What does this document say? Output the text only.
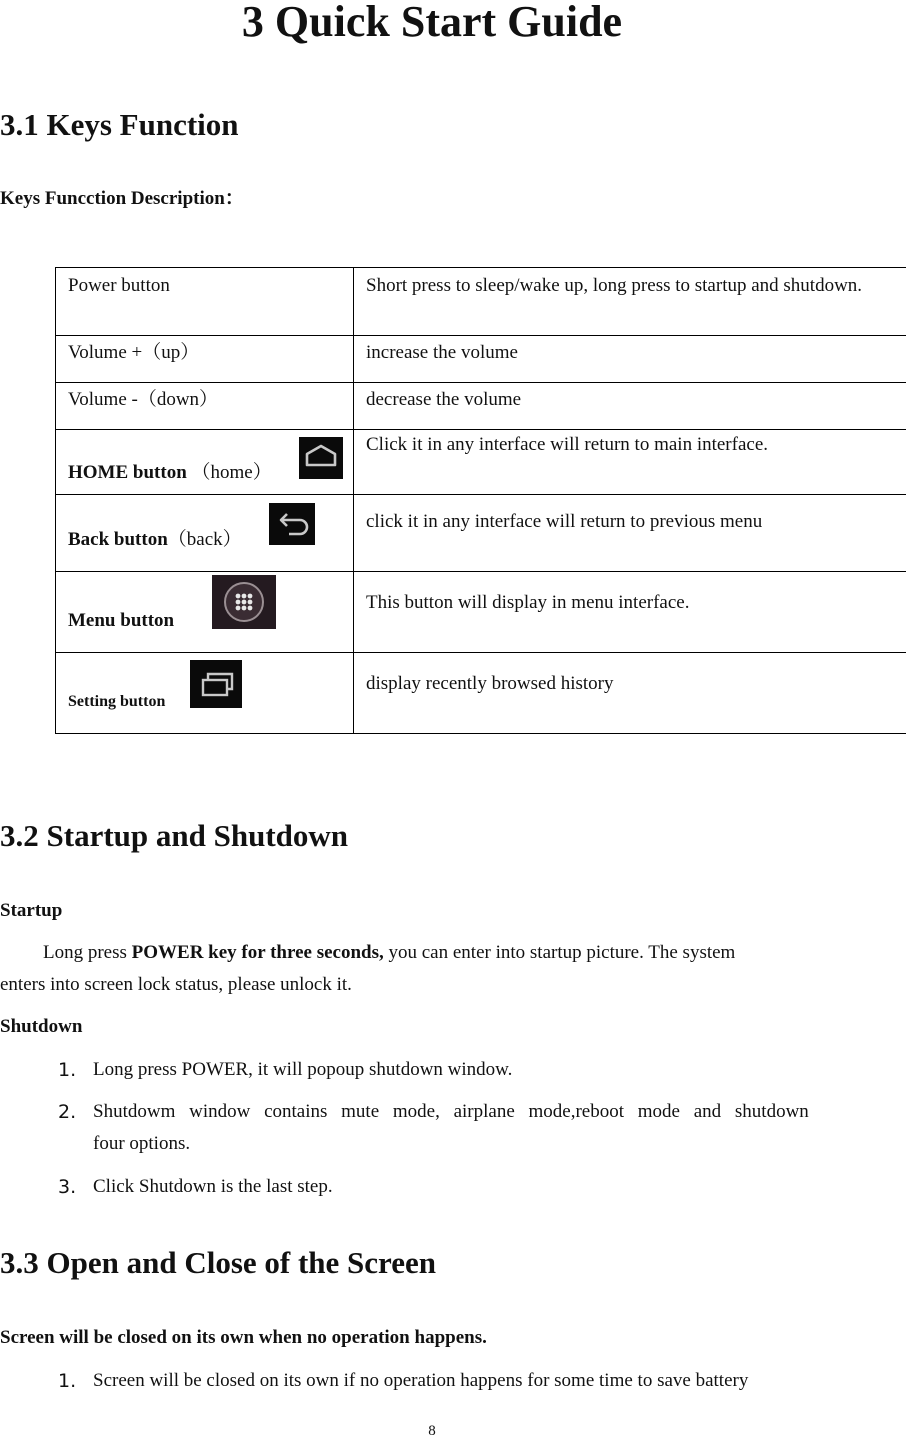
3 Quick Start Guide
3.1 Keys Function
Keys Funcction Description：
Power button	Short press to sleep/wake up, long press to startup and shutdown.
Volume +（up）	increase the volume
Volume -（down）	decrease the volume

HOME button （home）	Click it in any interface will return to main interface.

Back button（back）	click it in any interface will return to previous menu

Menu button	This button will display in menu interface.

Setting button	display recently browsed history
3.2 Startup and Shutdown
Startup
Long press POWER key for three seconds, you can enter into startup picture. The system
enters into screen lock status, please unlock it.
Shutdown
1. Long press POWER, it will popoup shutdown window.
2. Shutdowm window contains mute mode, airplane mode,reboot mode and shutdown
four options.
3. Click Shutdown is the last step.
3.3 Open and Close of the Screen
Screen will be closed on its own when no operation happens.
1. Screen will be closed on its own if no operation happens for some time to save battery
8
